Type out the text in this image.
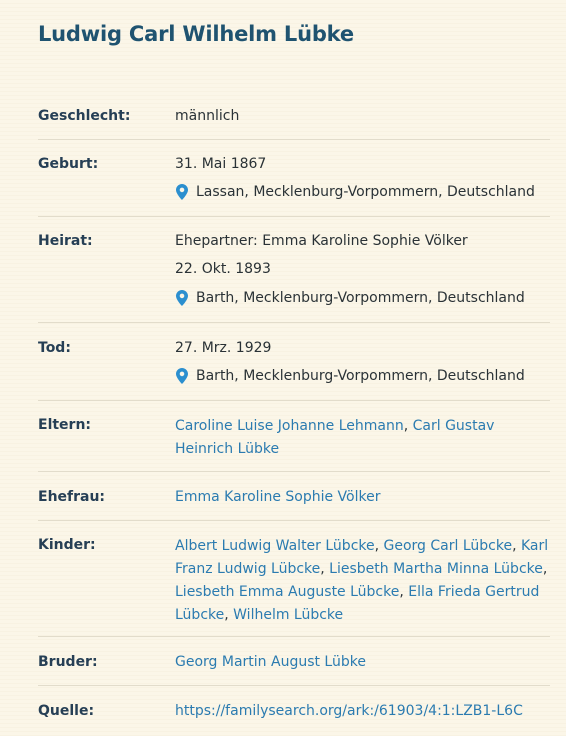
Ludwig Carl Wilhelm Lübke
Geschlecht:	männlich
Geburt:	31. Mai 1867
Lassan, Mecklenburg-Vorpommern, Deutschland
Heirat:	Ehepartner: Emma Karoline Sophie Völker
22. Okt. 1893
Barth, Mecklenburg-Vorpommern, Deutschland
Tod:	27. Mrz. 1929
Barth, Mecklenburg-Vorpommern, Deutschland
Eltern:	Caroline Luise Johanne Lehmann, Carl Gustav Heinrich Lübke
Ehefrau:	Emma Karoline Sophie Völker
Kinder:	Albert Ludwig Walter Lübcke, Georg Carl Lübcke, Karl Franz Ludwig Lübcke, Liesbeth Martha Minna Lübcke, Liesbeth Emma Auguste Lübcke, Ella Frieda Gertrud Lübcke, Wilhelm Lübcke
Bruder:	Georg Martin August Lübke
Quelle:	https://familysearch.org/ark:/61903/4:1:LZB1-L6C
